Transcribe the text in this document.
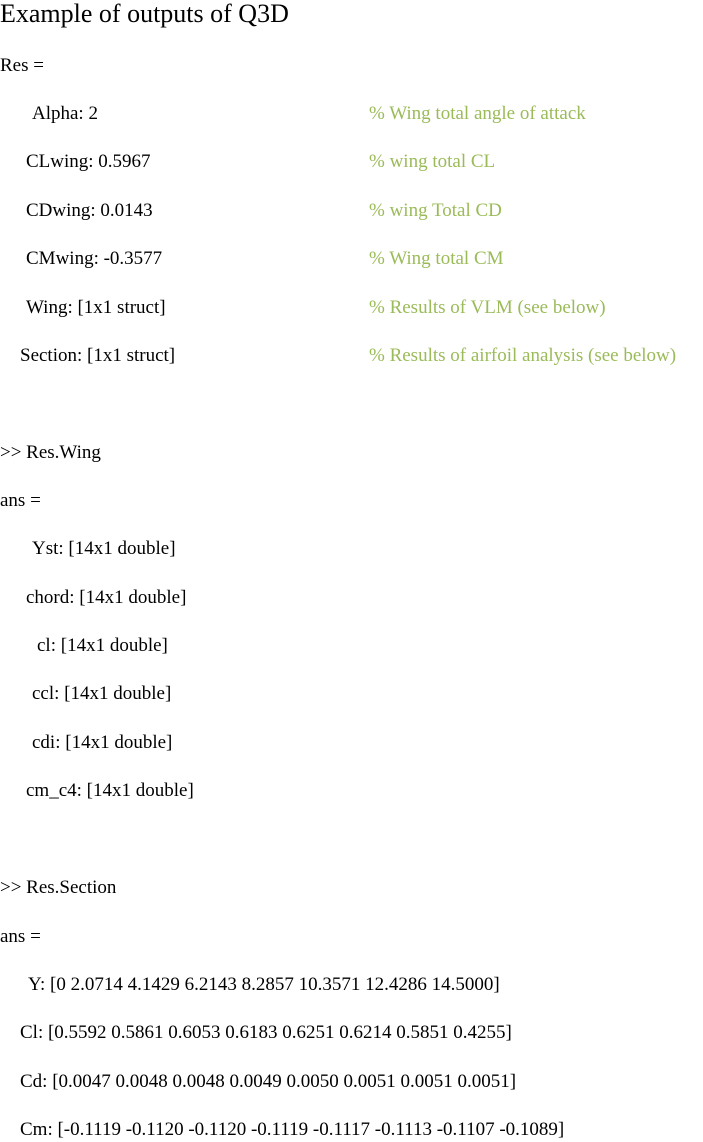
Example of outputs of Q3D
Res =
Alpha: 2	% Wing total angle of attack
CLwing: 0.5967	% wing total CL
CDwing: 0.0143	% wing Total CD
CMwing: -0.3577	% Wing total CM
Wing: [1x1 struct]	% Results of VLM (see below)
Section: [1x1 struct]	% Results of airfoil analysis (see below)
>> Res.Wing
ans =
Yst: [14x1 double]
chord: [14x1 double]
cl: [14x1 double]
ccl: [14x1 double]
cdi: [14x1 double]
cm_c4: [14x1 double]
>> Res.Section
ans =
Y: [0 2.0714 4.1429 6.2143 8.2857 10.3571 12.4286 14.5000]
Cl: [0.5592 0.5861 0.6053 0.6183 0.6251 0.6214 0.5851 0.4255]
Cd: [0.0047 0.0048 0.0048 0.0049 0.0050 0.0051 0.0051 0.0051]
Cm: [-0.1119 -0.1120 -0.1120 -0.1119 -0.1117 -0.1113 -0.1107 -0.1089]
